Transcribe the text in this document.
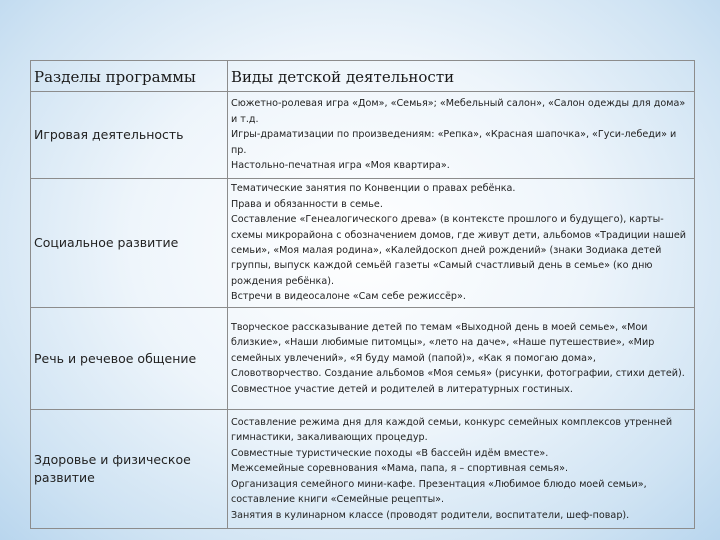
Разделы программы	Виды детской деятельности
Игровая деятельность	Сюжетно-ролевая игра «Дом», «Семья»; «Мебельный салон», «Салон одежды для дома» и т.д.
Игры-драматизации по произведениям: «Репка», «Красная шапочка», «Гуси-лебеди» и пр.
Настольно-печатная игра «Моя квартира».

Социальное развитие	Тематические занятия по Конвенции о правах ребёнка.
Права и обязанности в семье.
Составление «Генеалогического древа» (в контексте прошлого и будущего), карты-схемы микрорайона с обозначением домов, где живут дети, альбомов «Традиции нашей семьи», «Моя малая родина», «Калейдоскоп дней рождений» (знаки Зодиака детей группы, выпуск каждой семьёй газеты «Самый счастливый день в семье» (ко дню рождения ребёнка).
Встречи в видеосалоне «Сам себе режиссёр».

Речь и речевое общение	Творческое рассказывание детей по темам «Выходной день в моей семье», «Мои близкие», «Наши любимые питомцы», «лето на даче», «Наше путешествие», «Мир семейных увлечений», «Я буду мамой (папой)», «Как я помогаю дома»,
Словотворчество. Создание альбомов «Моя семья» (рисунки, фотографии, стихи детей).
Совместное участие детей и родителей в литературных гостиных.

Здоровье и физическое развитие	Составление режима дня для каждой семьи, конкурс семейных комплексов утренней гимнастики, закаливающих процедур.
Совместные туристические походы «В бассейн идём вместе».
Межсемейные соревнования «Мама, папа, я – спортивная семья».
Организация семейного мини-кафе. Презентация «Любимое блюдо моей семьи», составление книги «Семейные рецепты».
Занятия в кулинарном классе (проводят родители, воспитатели, шеф-повар).
